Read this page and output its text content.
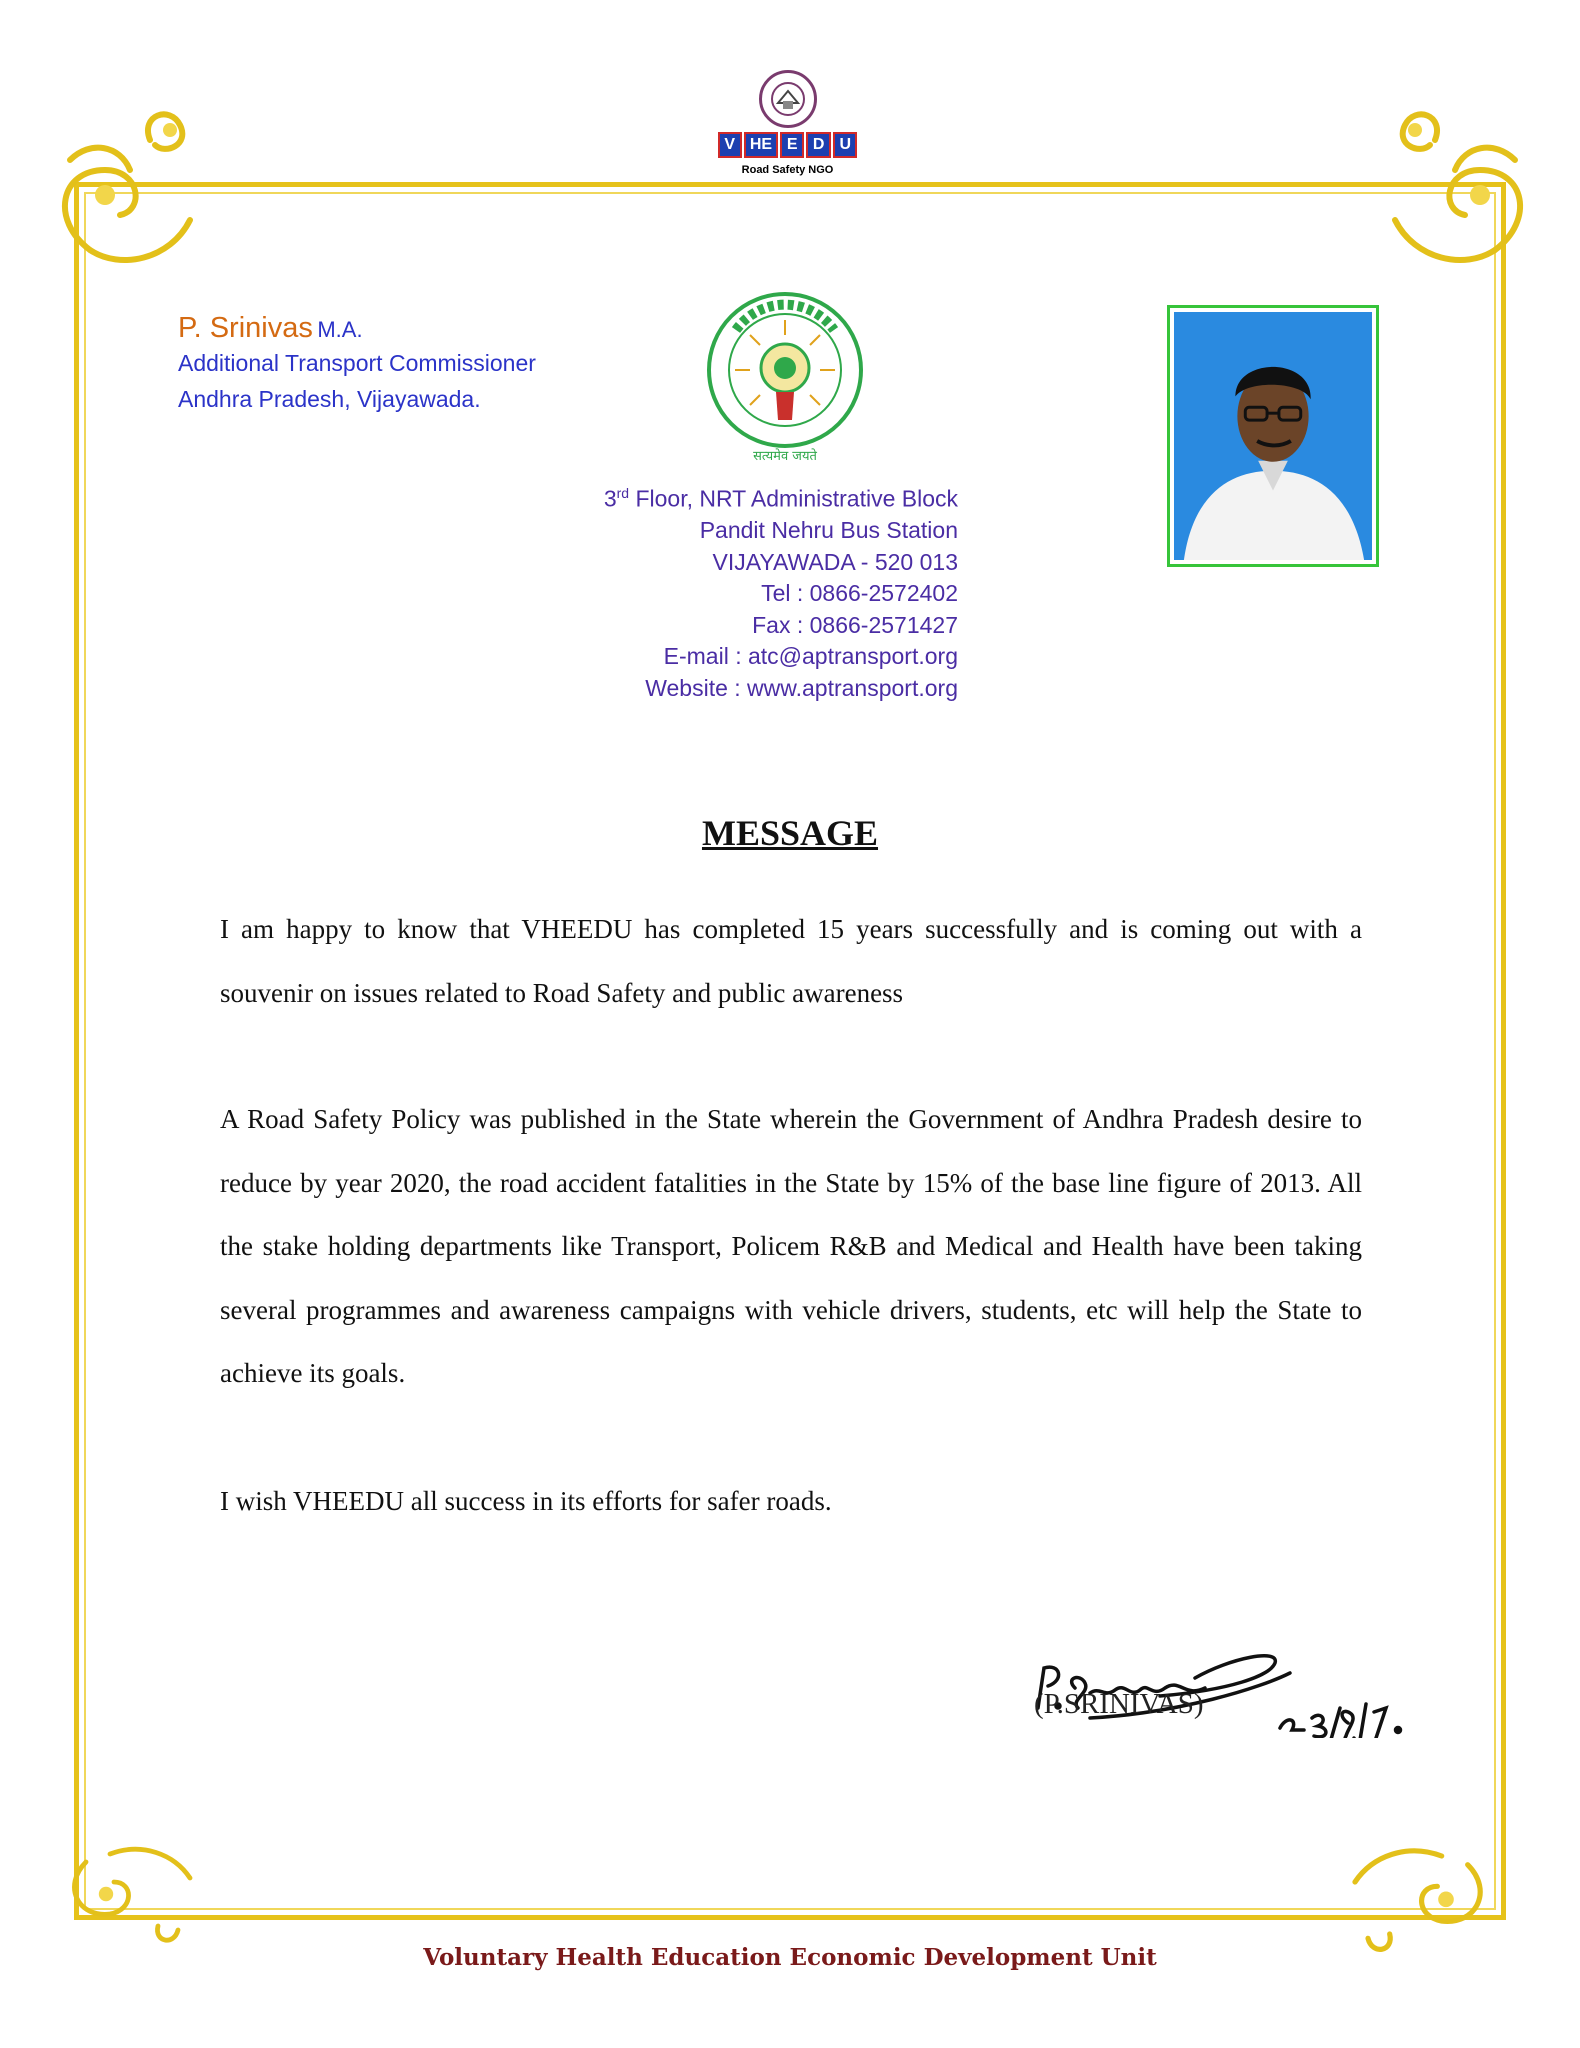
V HE E D U
Road Safety NGO
P. Srinivas M.A.
Additional Transport Commissioner
Andhra Pradesh, Vijayawada.
सत्यमेव जयते
3rd Floor, NRT Administrative Block
Pandit Nehru Bus Station
VIJAYAWADA - 520 013
Tel : 0866-2572402
Fax : 0866-2571427
E-mail : atc@aptransport.org
Website : www.aptransport.org
MESSAGE
I am happy to know that VHEEDU has completed 15 years successfully and is coming out with a souvenir on issues related to Road Safety and public awareness
A Road Safety Policy was published in the State wherein the Government of Andhra Pradesh desire to reduce by year 2020, the road accident fatalities in the State by 15% of the base line figure of 2013. All the stake holding departments like Transport, Policem R&B and Medical and Health have been taking several programmes and awareness campaigns with vehicle drivers, students, etc will help the State to achieve its goals.
I wish VHEEDU all success in its efforts for safer roads.
(P.SRINIVAS)
Voluntary Health Education Economic Development Unit
